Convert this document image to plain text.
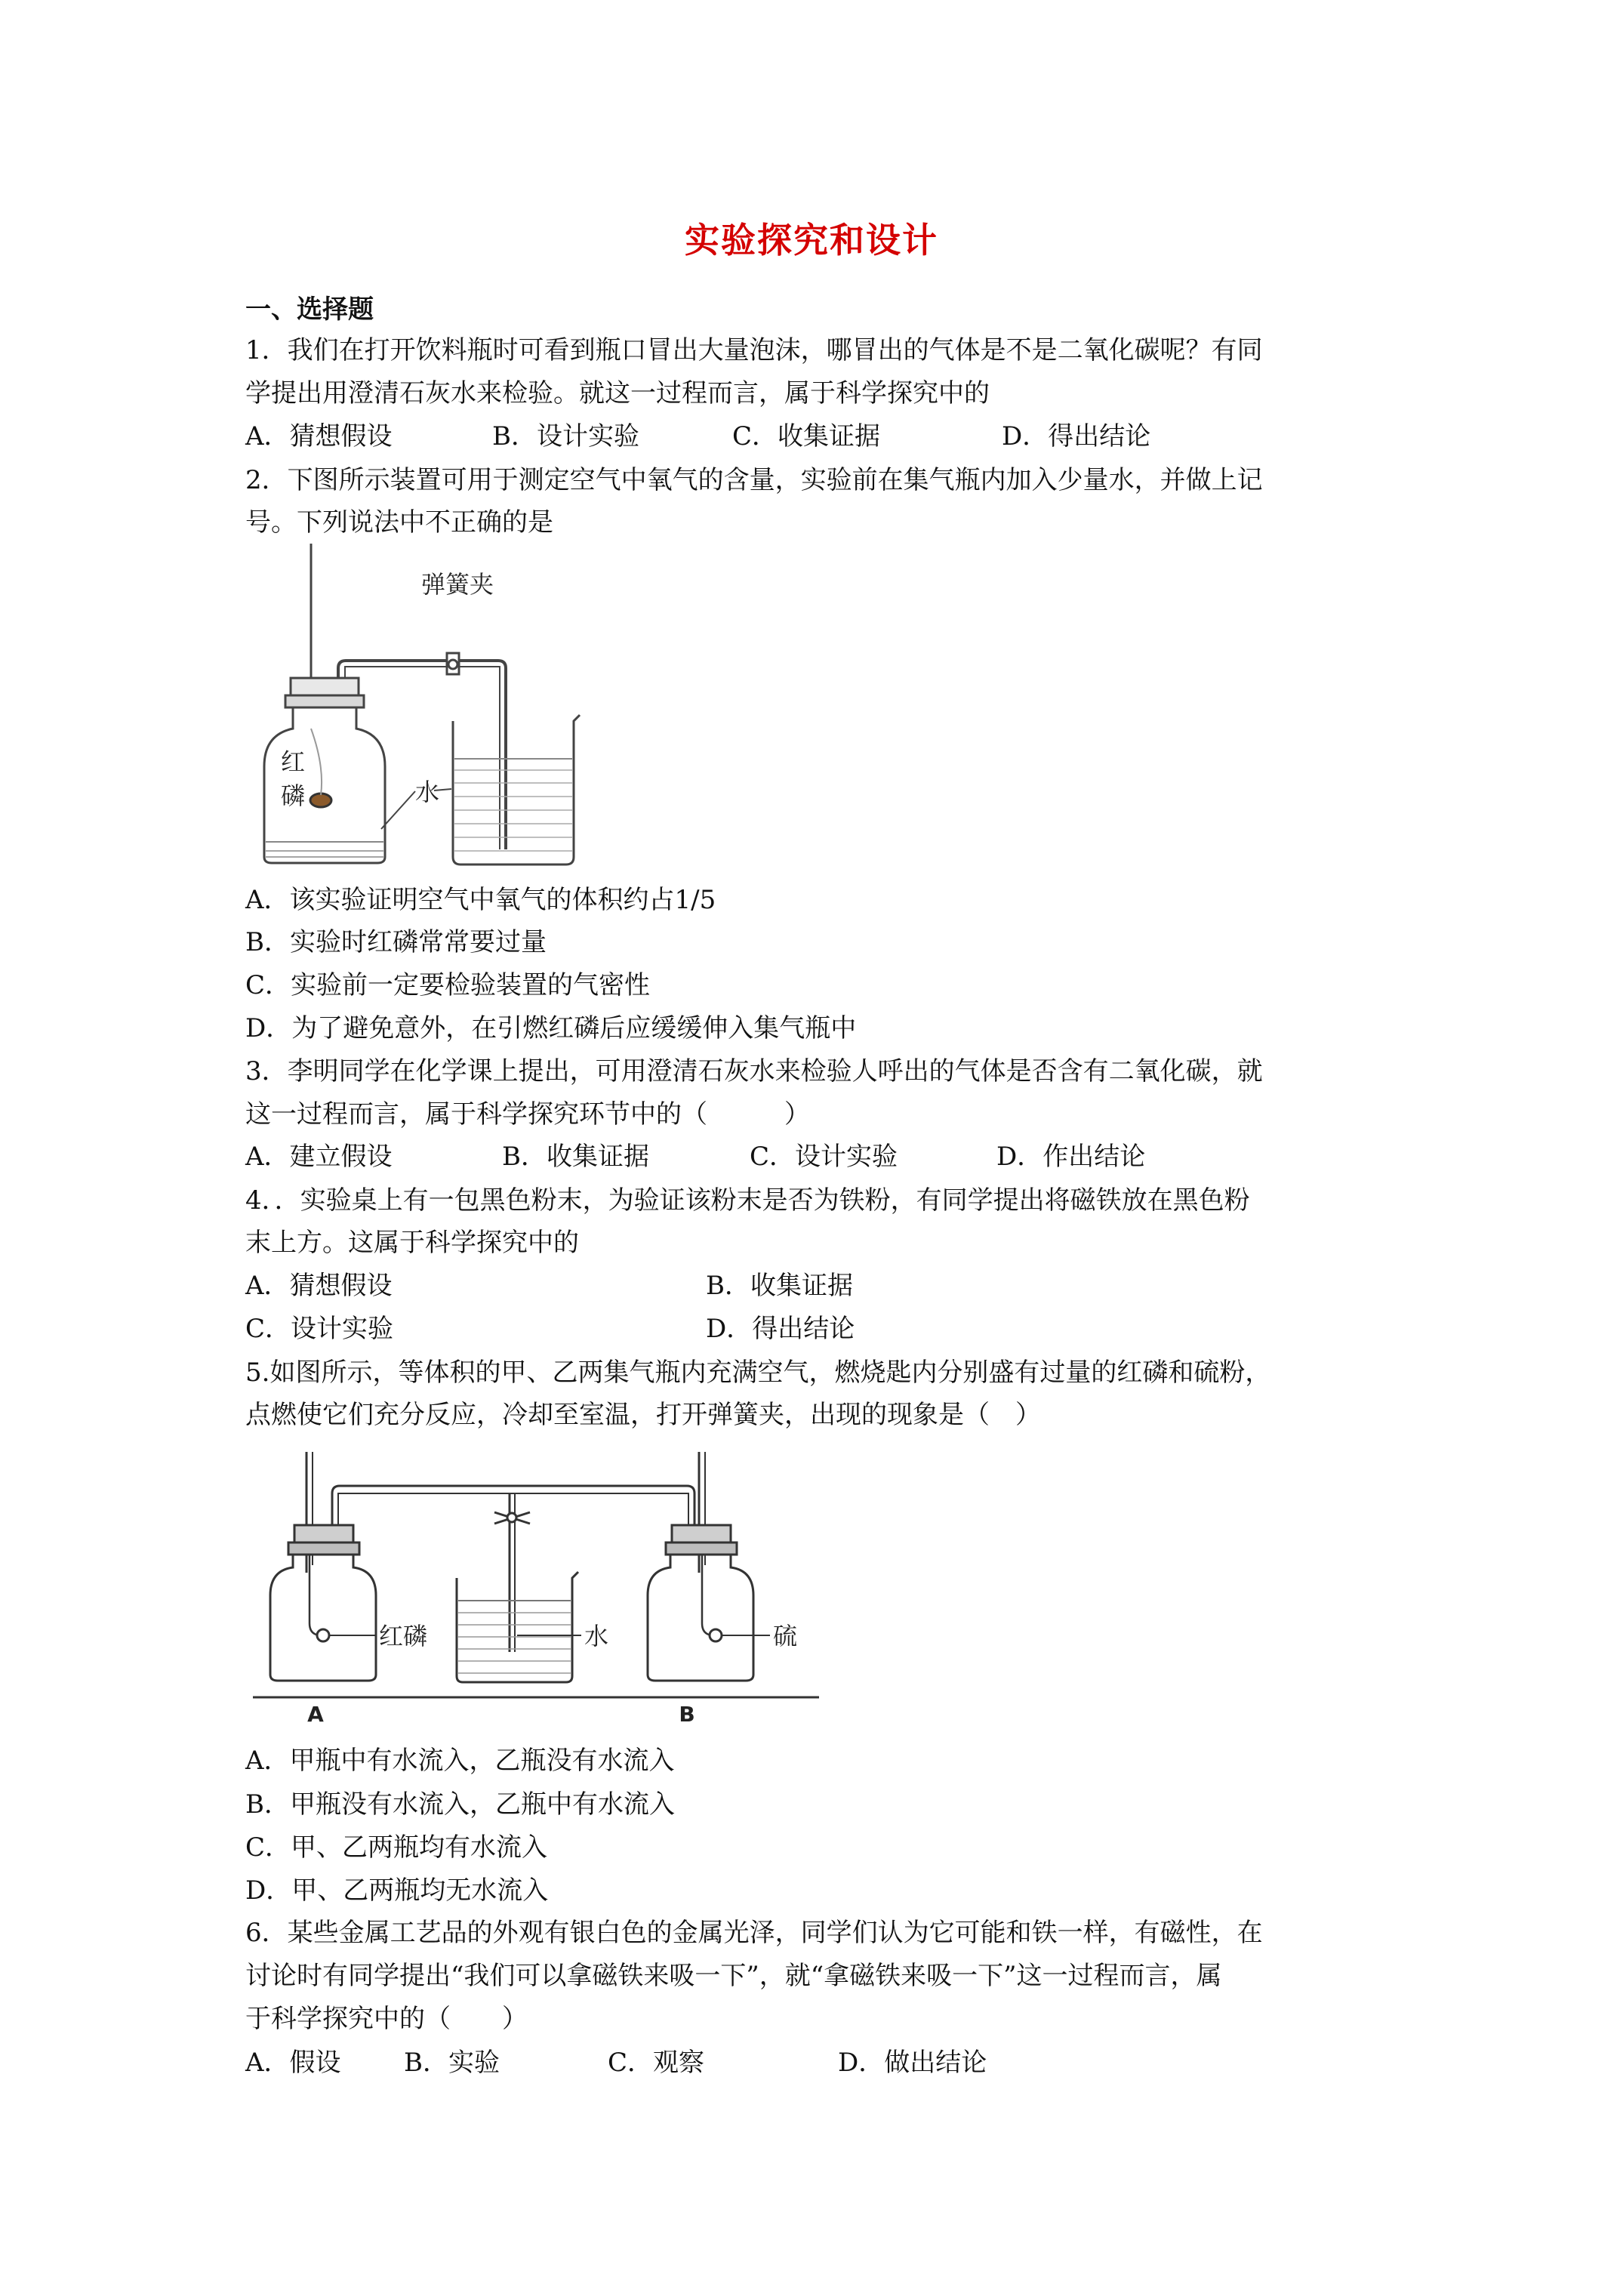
实验探究和设计
一、选择题
1．我们在打开饮料瓶时可看到瓶口冒出大量泡沫，哪冒出的气体是不是二氧化碳呢？有同
学提出用澄清石灰水来检验。就这一过程而言，属于科学探究中的
A．猜想假设	B．设计实验	C．收集证据	D．得出结论
2．下图所示装置可用于测定空气中氧气的含量，实验前在集气瓶内加入少量水，并做上记
号。下列说法中不正确的是
弹簧夹
红
磷	水
A．该实验证明空气中氧气的体积约占1/5
B．实验时红磷常常要过量
C．实验前一定要检验装置的气密性
D．为了避免意外，在引燃红磷后应缓缓伸入集气瓶中
3．李明同学在化学课上提出，可用澄清石灰水来检验人呼出的气体是否含有二氧化碳，就
这一过程而言，属于科学探究环节中的（　　　）
A．建立假设	B．收集证据	C．设计实验	D．作出结论
4．．实验桌上有一包黑色粉末，为验证该粉末是否为铁粉，有同学提出将磁铁放在黑色粉
末上方。这属于科学探究中的
A．猜想假设	B．收集证据
C．设计实验	D．得出结论
5.如图所示，等体积的甲、乙两集气瓶内充满空气，燃烧匙内分别盛有过量的红磷和硫粉，
点燃使它们充分反应，冷却至室温，打开弹簧夹，出现的现象是（　）
红磷	水	硫
A	B
A．甲瓶中有水流入，乙瓶没有水流入
B．甲瓶没有水流入，乙瓶中有水流入
C．甲、乙两瓶均有水流入
D．甲、乙两瓶均无水流入
6．某些金属工艺品的外观有银白色的金属光泽，同学们认为它可能和铁一样，有磁性，在
讨论时有同学提出“我们可以拿磁铁来吸一下”，就“拿磁铁来吸一下”这一过程而言，属
于科学探究中的（　　）
A．假设 B．实验	C．观察	D．做出结论
